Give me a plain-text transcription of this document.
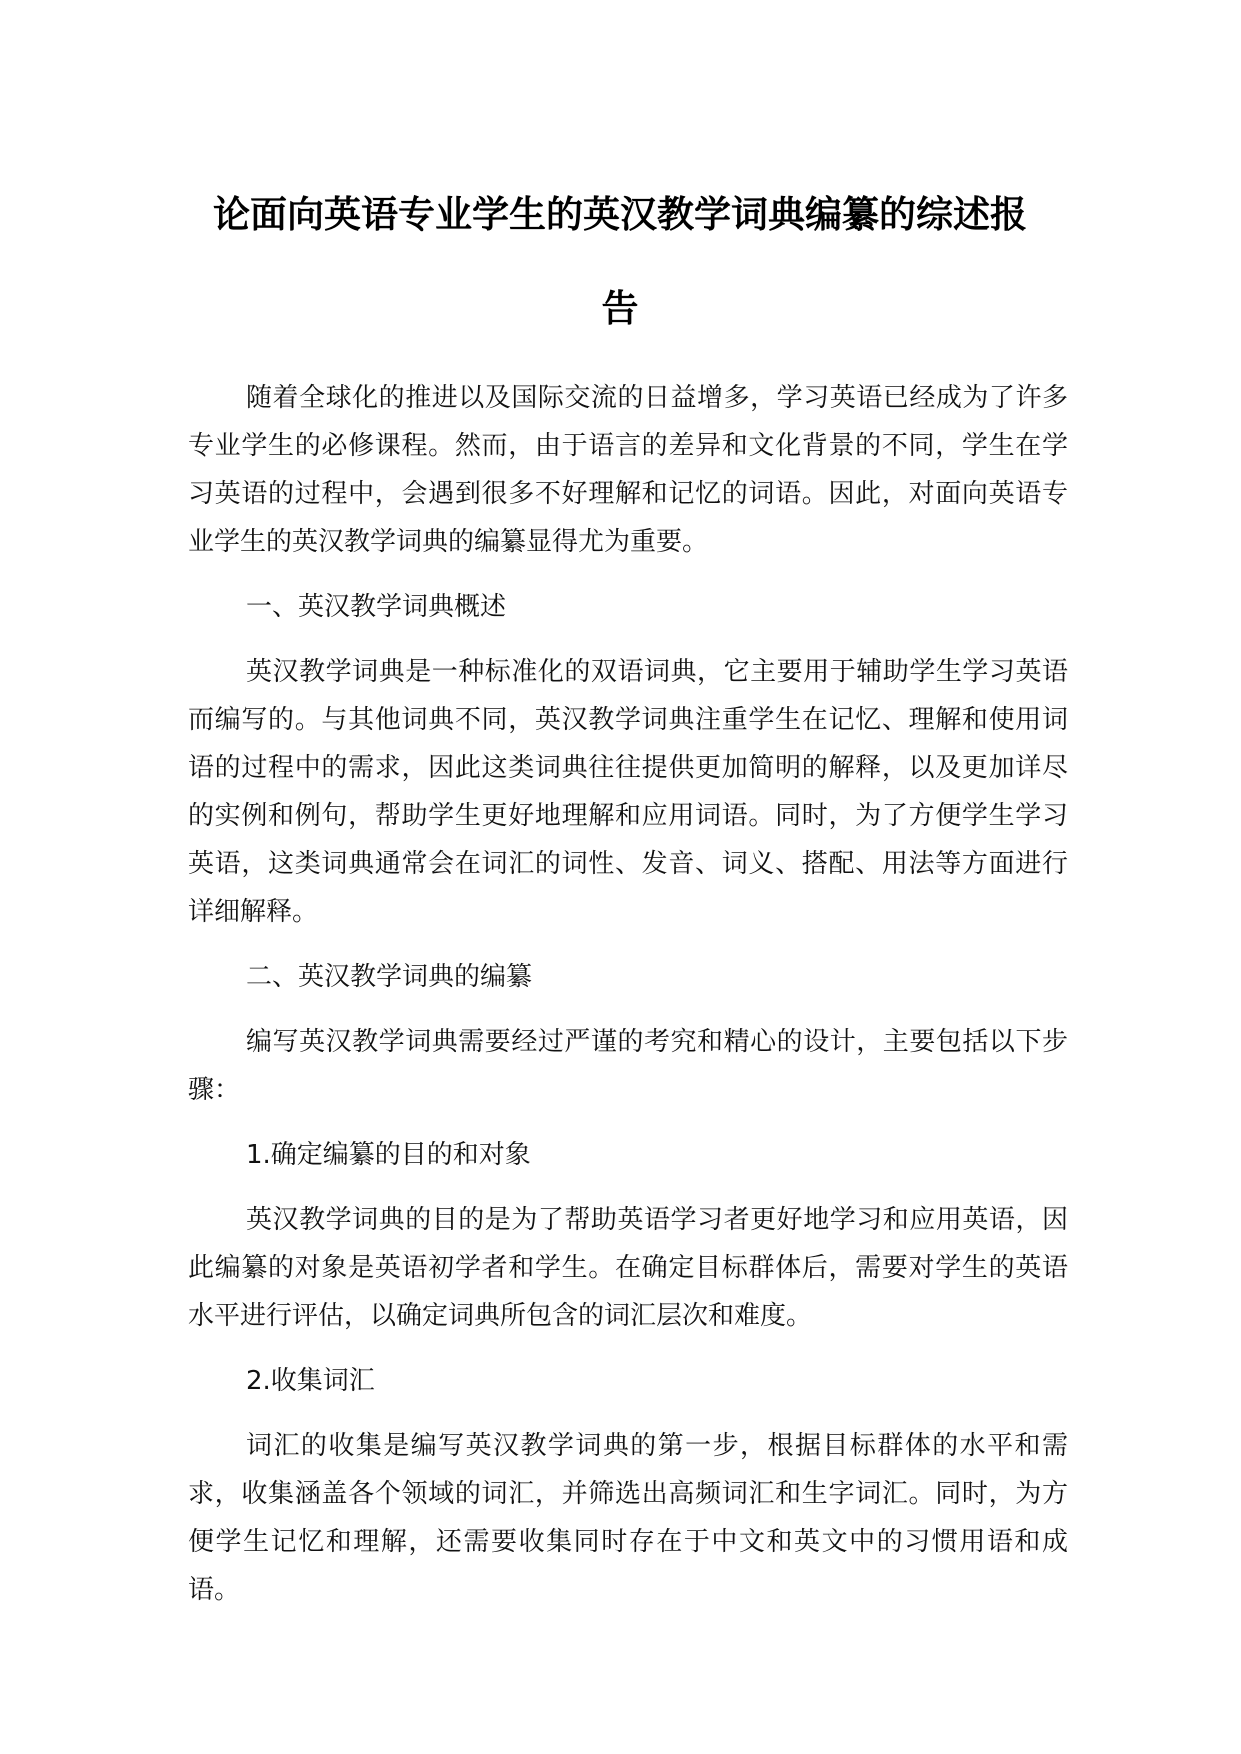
论面向英语专业学生的英汉教学词典编纂的综述报告

随着全球化的推进以及国际交流的日益增多，学习英语已经成为了许多专业学生的必修课程。然而，由于语言的差异和文化背景的不同，学生在学习英语的过程中，会遇到很多不好理解和记忆的词语。因此，对面向英语专业学生的英汉教学词典的编纂显得尤为重要。

一、英汉教学词典概述

英汉教学词典是一种标准化的双语词典，它主要用于辅助学生学习英语而编写的。与其他词典不同，英汉教学词典注重学生在记忆、理解和使用词语的过程中的需求，因此这类词典往往提供更加简明的解释，以及更加详尽的实例和例句，帮助学生更好地理解和应用词语。同时，为了方便学生学习英语，这类词典通常会在词汇的词性、发音、词义、搭配、用法等方面进行详细解释。

二、英汉教学词典的编纂

编写英汉教学词典需要经过严谨的考究和精心的设计，主要包括以下步骤：

1.确定编纂的目的和对象

英汉教学词典的目的是为了帮助英语学习者更好地学习和应用英语，因此编纂的对象是英语初学者和学生。在确定目标群体后，需要对学生的英语水平进行评估，以确定词典所包含的词汇层次和难度。

2.收集词汇

词汇的收集是编写英汉教学词典的第一步，根据目标群体的水平和需求，收集涵盖各个领域的词汇，并筛选出高频词汇和生字词汇。同时，为方便学生记忆和理解，还需要收集同时存在于中文和英文中的习惯用语和成语。
